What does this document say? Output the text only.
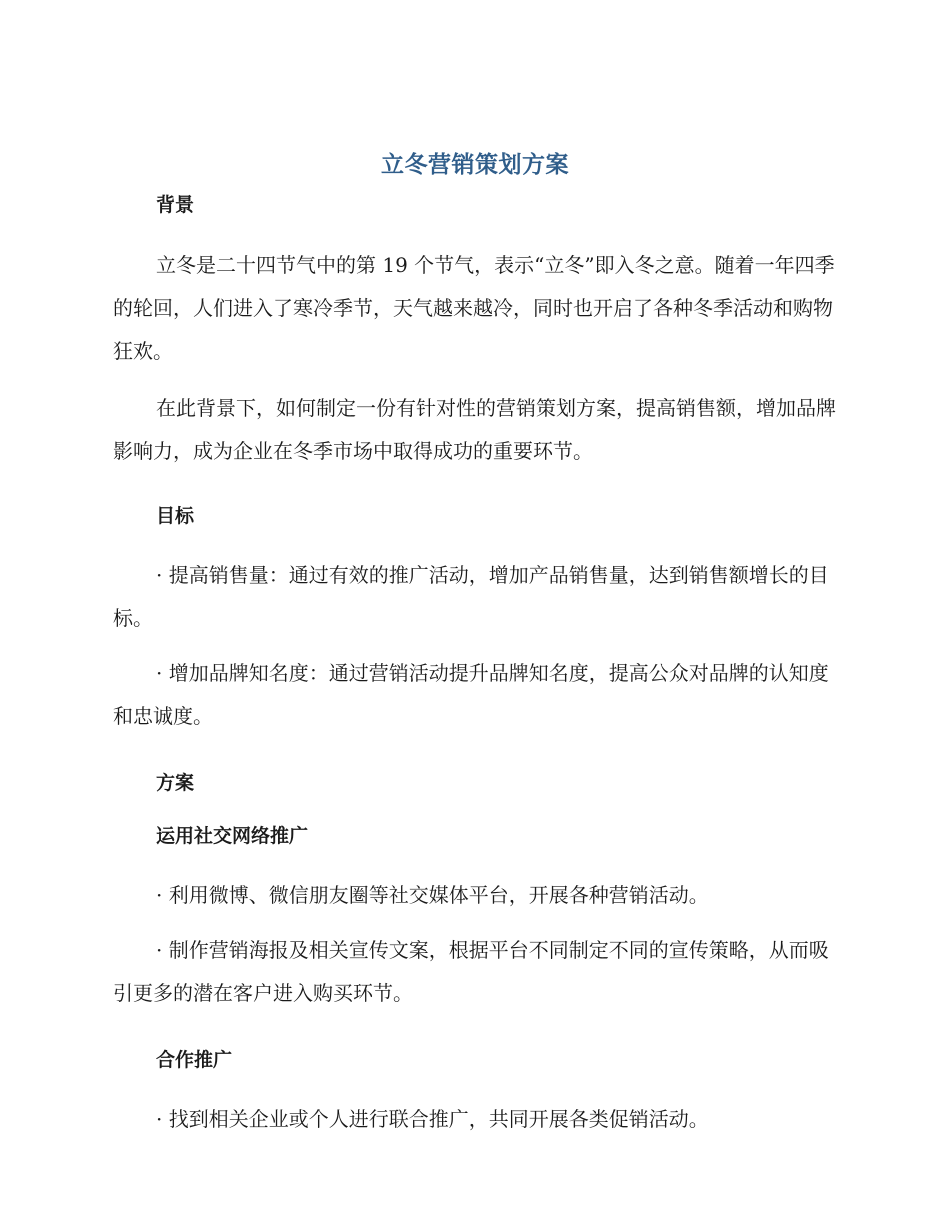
立冬营销策划方案

背景

立冬是二十四节气中的第 19 个节气，表示“立冬”即入冬之意。随着一年四季的轮回，人们进入了寒冷季节，天气越来越冷，同时也开启了各种冬季活动和购物狂欢。

在此背景下，如何制定一份有针对性的营销策划方案，提高销售额，增加品牌影响力，成为企业在冬季市场中取得成功的重要环节。

目标

· 提高销售量：通过有效的推广活动，增加产品销售量，达到销售额增长的目标。

· 增加品牌知名度：通过营销活动提升品牌知名度，提高公众对品牌的认知度和忠诚度。

方案

运用社交网络推广

· 利用微博、微信朋友圈等社交媒体平台，开展各种营销活动。

· 制作营销海报及相关宣传文案，根据平台不同制定不同的宣传策略，从而吸引更多的潜在客户进入购买环节。

合作推广

· 找到相关企业或个人进行联合推广，共同开展各类促销活动。
